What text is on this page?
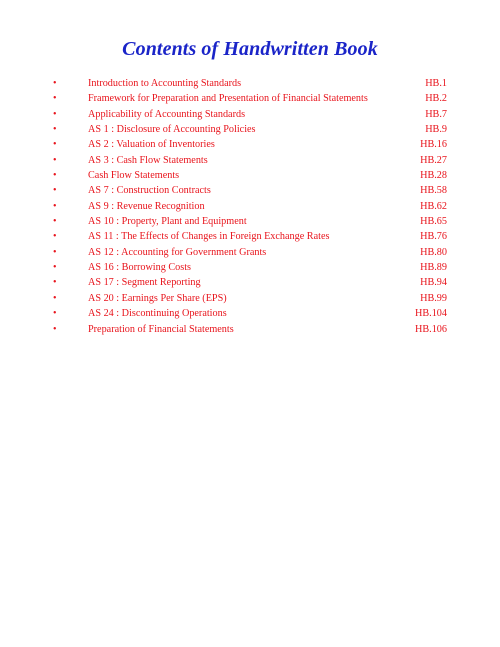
Contents of Handwritten Book
•	Introduction to Accounting Standards	HB.1
•	Framework for Preparation and Presentation of Financial Statements	HB.2
•	Applicability of Accounting Standards	HB.7
•	AS 1 : Disclosure of Accounting Policies	HB.9
•	AS 2 : Valuation of Inventories	HB.16
•	AS 3 : Cash Flow Statements	HB.27
•	Cash Flow Statements	HB.28
•	AS 7 : Construction Contracts	HB.58
•	AS 9 : Revenue Recognition	HB.62
•	AS 10 : Property, Plant and Equipment	HB.65
•	AS 11 : The Effects of Changes in Foreign Exchange Rates	HB.76
•	AS 12 : Accounting for Government Grants	HB.80
•	AS 16 : Borrowing Costs	HB.89
•	AS 17 : Segment Reporting	HB.94
•	AS 20 : Earnings Per Share (EPS)	HB.99
•	AS 24 : Discontinuing Operations	HB.104
•	Preparation of Financial Statements	HB.106
